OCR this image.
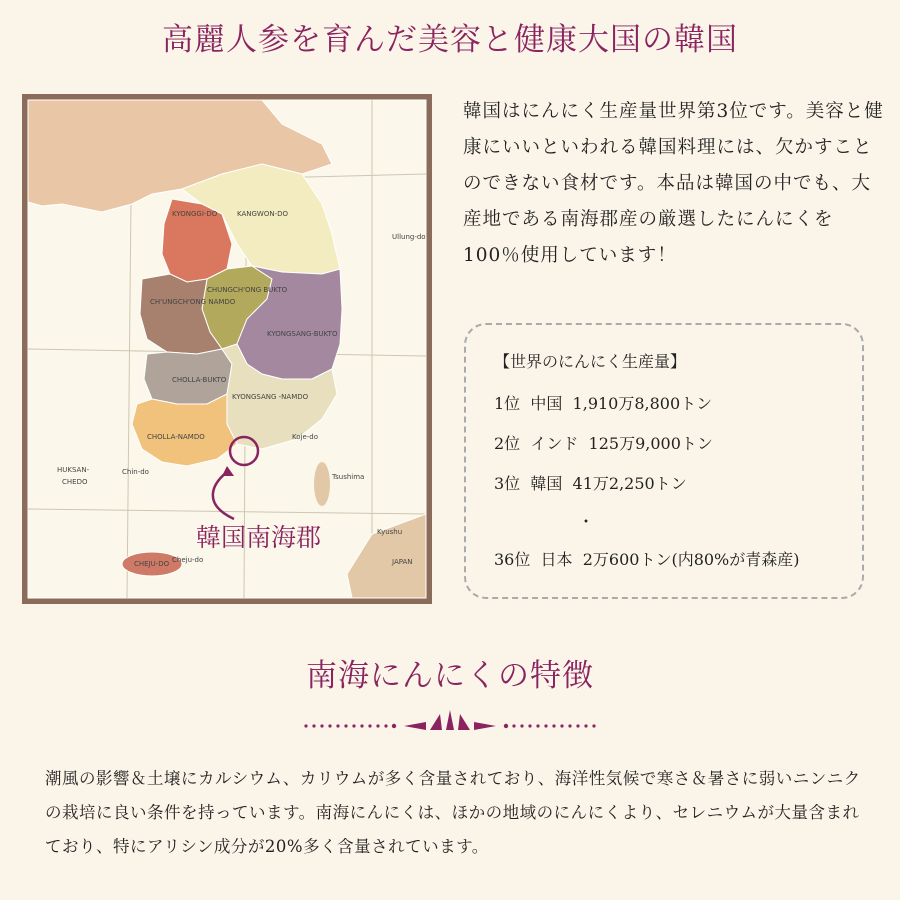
高麗人参を育んだ美容と健康大国の韓国
KYONGGI-DO	KANGWON-DO
CHUNGCH'ONG BUKTO
CH'UNGCH'ONG NAMDO
KYONGSANG-BUKTO
CHOLLA-BUKTO
KYONGSANG -NAMDO
CHOLLA-NAMDO
CHEJU-DO Cheju-do
HUKSAN-
CHEDO
Tsushima
Kyushu
JAPAN
Ullung-do
Koje-do
Chin-do
韓国南海郡

韓国はにんにく生産量世界第3位です。美容と健康にいいといわれる韓国料理には、欠かすことのできない食材です。本品は韓国の中でも、大産地である南海郡産の厳選したにんにくを100％使用しています！

【世界のにんにく生産量】
1位 中国 1,910万8,800トン
2位 インド 125万9,000トン
3位 韓国 41万2,250トン
・
36位 日本 2万600トン(内80%が青森産)
南海にんにくの特徴

潮風の影響＆土壌にカルシウム、カリウムが多く含量されており、海洋性気候で寒さ＆暑さに弱いニンニクの栽培に良い条件を持っています。南海にんにくは、ほかの地域のにんにくより、セレニウムが大量含まれており、特にアリシン成分が20%多く含量されています。
